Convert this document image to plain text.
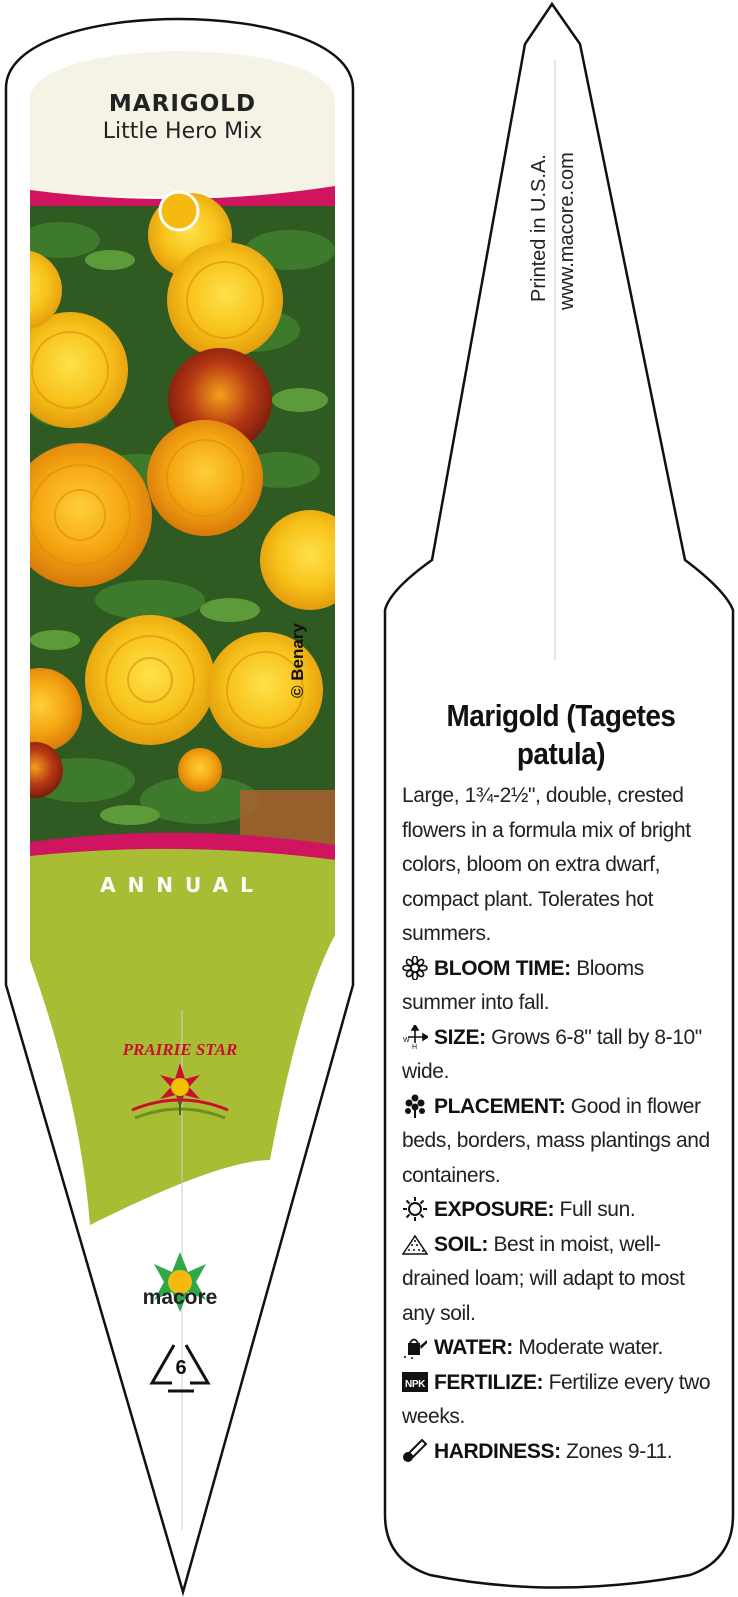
PRAIRIE STAR
MARIGOLD
Little Hero Mix
© Benary
ANNUAL
macore
6
Printed in U.S.A. www.macore.com
Marigold (Tagetes patula)
Large, 1¾-2½", double, crested flowers in a formula mix of bright colors, bloom on extra dwarf, compact plant. Tolerates hot summers.
BLOOM TIME: Blooms summer into fall.
W
H SIZE: Grows 6-8" tall by 8-10" wide.
PLACEMENT: Good in flower beds, borders, mass plantings and containers.
EXPOSURE: Full sun.
SOIL: Best in moist, well-drained loam; will adapt to most any soil.
WATER: Moderate water.
NPK FERTILIZE: Fertilize every two weeks.
HARDINESS: Zones 9-11.
